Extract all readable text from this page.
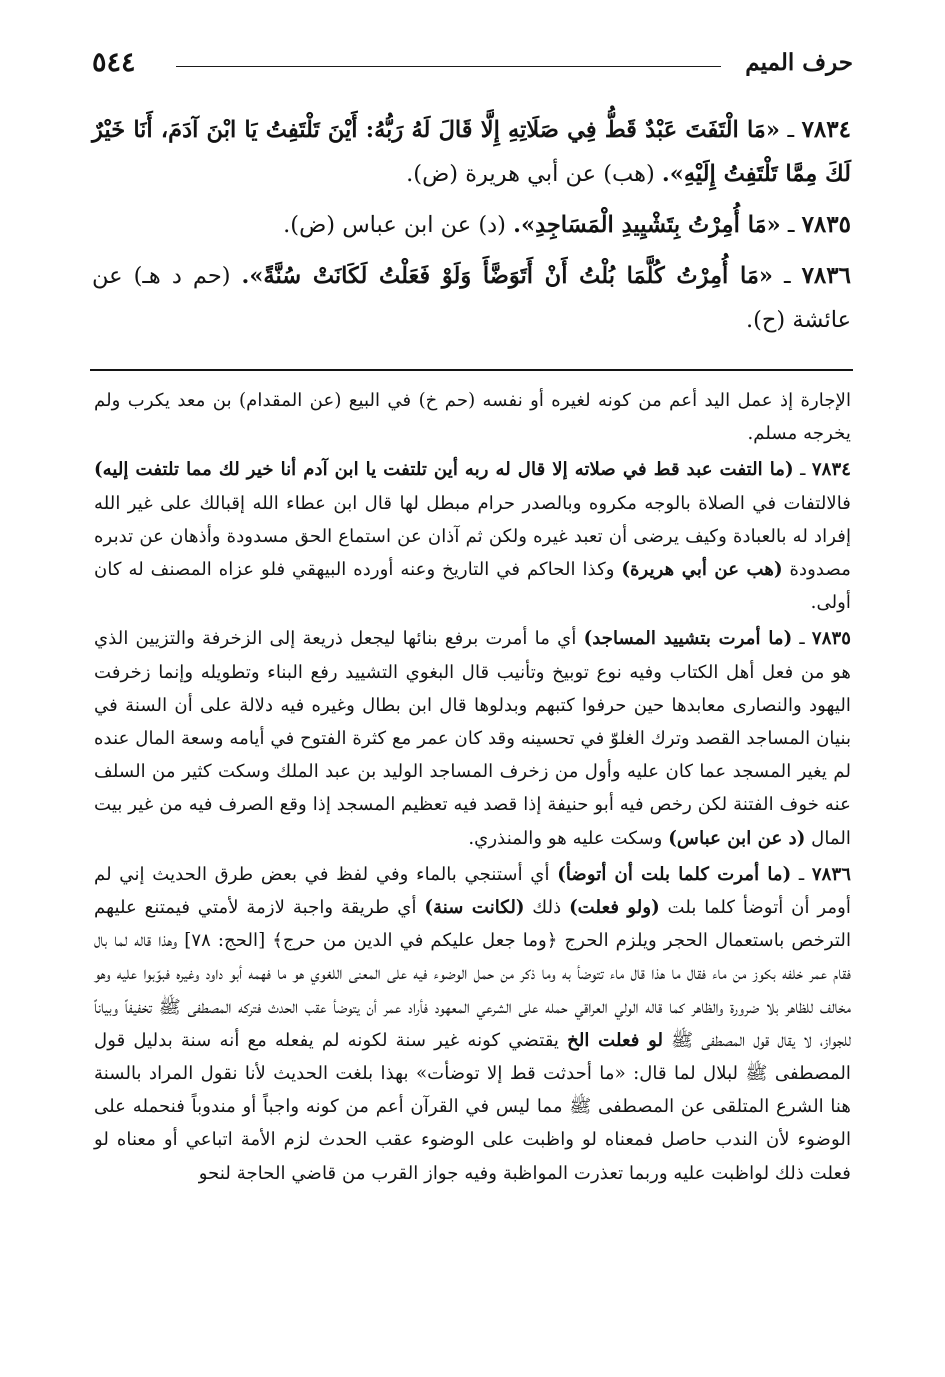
٥٤٤	حرف الميم

٧٨٣٤ ـ «مَا الْتَفَتَ عَبْدٌ قَطُّ فِي صَلَاتِهِ إِلَّا قَالَ لَهُ رَبُّهُ: أَيْنَ تَلْتَفِتُ يَا ابْنَ آدَمَ، أَنَا خَيْرٌ لَكَ مِمَّا تَلْتَفِتُ إِلَيْهِ». (هب) عن أبي هريرة (ض).

٧٨٣٥ ـ «مَا أُمِرْتُ بِتَشْيِيدِ الْمَسَاجِدِ». (د) عن ابن عباس (ض).

٧٨٣٦ ـ «مَا أُمِرْتُ كُلَّمَا بُلْتُ أَنْ أَتَوَضَّأَ وَلَوْ فَعَلْتُ لَكَانَتْ سُنَّةً». (حم د هـ) عن عائشة (ح).

الإجارة إذ عمل اليد أعم من كونه لغيره أو نفسه (حم خ) في البيع (عن المقدام) بن معد يكرب ولم يخرجه مسلم.

٧٨٣٤ ـ (ما التفت عبد قط في صلاته إلا قال له ربه أين تلتفت يا ابن آدم أنا خير لك مما تلتفت إليه) فالالتفات في الصلاة بالوجه مكروه وبالصدر حرام مبطل لها قال ابن عطاء الله إقبالك على غير الله إفراد له بالعبادة وكيف يرضى أن تعبد غيره ولكن ثم آذان عن استماع الحق مسدودة وأذهان عن تدبره مصدودة (هب عن أبي هريرة) وكذا الحاكم في التاريخ وعنه أورده البيهقي فلو عزاه المصنف له كان أولى.

٧٨٣٥ ـ (ما أمرت بتشييد المساجد) أي ما أمرت برفع بنائها ليجعل ذريعة إلى الزخرفة والتزيين الذي هو من فعل أهل الكتاب وفيه نوع توبيخ وتأنيب قال البغوي التشييد رفع البناء وتطويله وإنما زخرفت اليهود والنصارى معابدها حين حرفوا كتبهم وبدلوها قال ابن بطال وغيره فيه دلالة على أن السنة في بنيان المساجد القصد وترك الغلوّ في تحسينه وقد كان عمر مع كثرة الفتوح في أيامه وسعة المال عنده لم يغير المسجد عما كان عليه وأول من زخرف المساجد الوليد بن عبد الملك وسكت كثير من السلف عنه خوف الفتنة لكن رخص فيه أبو حنيفة إذا قصد فيه تعظيم المسجد إذا وقع الصرف فيه من غير بيت المال (د عن ابن عباس) وسكت عليه هو والمنذري.

٧٨٣٦ ـ (ما أمرت كلما بلت أن أتوضأ) أي أستنجي بالماء وفي لفظ في بعض طرق الحديث إني لم أومر أن أتوضأ كلما بلت (ولو فعلت) ذلك (لكانت سنة) أي طريقة واجبة لازمة لأمتي فيمتنع عليهم الترخص باستعمال الحجر ويلزم الحرج ﴿وما جعل عليكم في الدين من حرج﴾ [الحج: ٧٨] وهذا قاله لما بال فقام عمر خلفه بكوز من ماء فقال ما هذا قال ماء تتوضأ به وما ذكر من حمل الوضوء فيه على المعنى اللغوي هو ما فهمه أبو داود وغيره فبوّبوا عليه وهو مخالف للظاهر بلا ضرورة والظاهر كما قاله الولي العراقي حمله على الشرعي المعهود فأراد عمر أن يتوضأ عقب الحدث فتركه المصطفى ﷺ تخفيفاً وبياناً للجواز، لا يقال قول المصطفى ﷺ لو فعلت الخ يقتضي كونه غير سنة لكونه لم يفعله مع أنه سنة بدليل قول المصطفى ﷺ لبلال لما قال: «ما أحدثت قط إلا توضأت» بهذا بلغت الحديث لأنا نقول المراد بالسنة هنا الشرع المتلقى عن المصطفى ﷺ مما ليس في القرآن أعم من كونه واجباً أو مندوباً فنحمله على الوضوء لأن الندب حاصل فمعناه لو واظبت على الوضوء عقب الحدث لزم الأمة اتباعي أو معناه لو فعلت ذلك لواظبت عليه وربما تعذرت المواظبة وفيه جواز القرب من قاضي الحاجة لنحو
